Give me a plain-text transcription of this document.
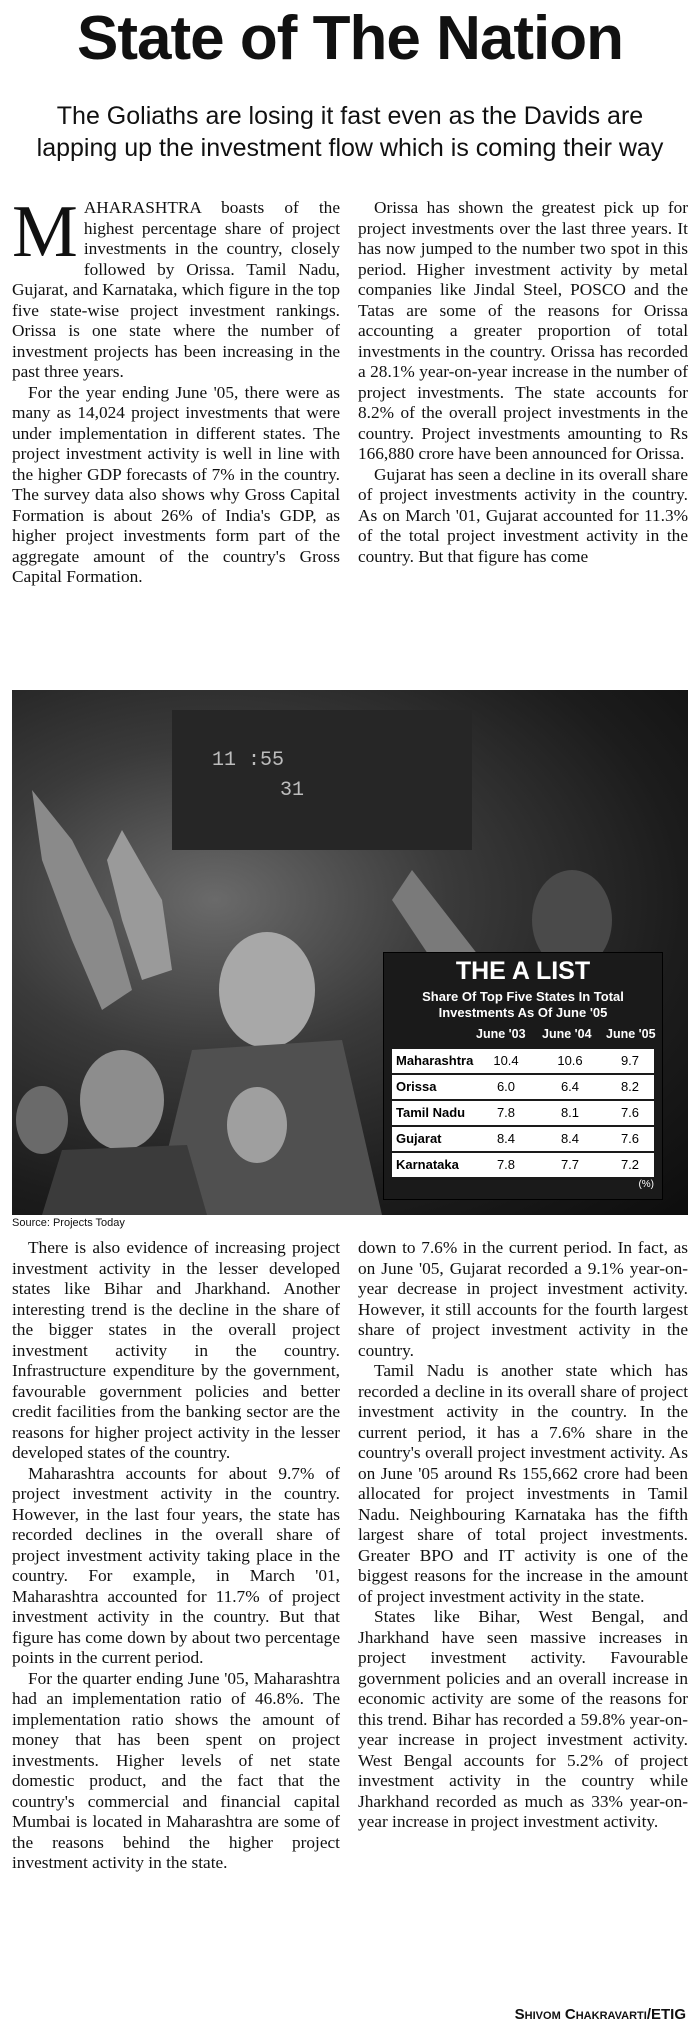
State of The Nation
The Goliaths are losing it fast even as the Davids are
lapping up the investment flow which is coming their way

MAHARASHTRA boasts of the highest percentage share of project investments in the country, closely followed by Orissa. Tamil Nadu, Gujarat, and Karnataka, which figure in the top five state-wise project investment rankings. Orissa is one state where the number of investment projects has been increasing in the past three years.

For the year ending June '05, there were as many as 14,024 project investments that were under implementation in different states. The project investment activity is well in line with the higher GDP forecasts of 7% in the country. The survey data also shows why Gross Capital Formation is about 26% of India's GDP, as higher project investments form part of the aggregate amount of the country's Gross Capital Formation.

Orissa has shown the greatest pick up for project investments over the last three years. It has now jumped to the number two spot in this period. Higher investment activity by metal companies like Jindal Steel, POSCO and the Tatas are some of the reasons for Orissa accounting a greater proportion of total investments in the country. Orissa has recorded a 28.1% year-on-year increase in the number of project investments. The state accounts for 8.2% of the overall project investments in the country. Project investments amounting to Rs 166,880 crore have been announced for Orissa.

Gujarat has seen a decline in its overall share of project investments activity in the country. As on March '01, Gujarat accounted for 11.3% of the total project investment activity in the country. But that figure has come

11 :55
31
Source: Projects Today
THE A LIST
Share Of Top Five States In Total
Investments As Of June '05
June '03 June '04 June '05
Maharashtra	10.4	10.6	9.7
Orissa	6.0	6.4	8.2
Tamil Nadu	7.8	8.1	7.6
Gujarat	8.4	8.4	7.6
Karnataka	7.8	7.7	7.2
(%)

There is also evidence of increasing project investment activity in the lesser developed states like Bihar and Jharkhand. Another interesting trend is the decline in the share of the bigger states in the overall project investment activity in the country. Infrastructure expenditure by the government, favourable government policies and better credit facilities from the banking sector are the reasons for higher project activity in the lesser developed states of the country.

Maharashtra accounts for about 9.7% of project investment activity in the country. However, in the last four years, the state has recorded declines in the overall share of project investment activity taking place in the country. For example, in March '01, Maharashtra accounted for 11.7% of project investment activity in the country. But that figure has come down by about two percentage points in the current period.

For the quarter ending June '05, Maharashtra had an implementation ratio of 46.8%. The implementation ratio shows the amount of money that has been spent on project investments. Higher levels of net state domestic product, and the fact that the country's commercial and financial capital Mumbai is located in Maharashtra are some of the reasons behind the higher project investment activity in the state.

down to 7.6% in the current period. In fact, as on June '05, Gujarat recorded a 9.1% year-on-year decrease in project investment activity. However, it still accounts for the fourth largest share of project investment activity in the country.

Tamil Nadu is another state which has recorded a decline in its overall share of project investment activity in the country. In the current period, it has a 7.6% share in the country's overall project investment activity. As on June '05 around Rs 155,662 crore had been allocated for project investments in Tamil Nadu. Neighbouring Karnataka has the fifth largest share of total project investments. Greater BPO and IT activity is one of the biggest reasons for the increase in the amount of project investment activity in the state.

States like Bihar, West Bengal, and Jharkhand have seen massive increases in project investment activity. Favourable government policies and an overall increase in economic activity are some of the reasons for this trend. Bihar has recorded a 59.8% year-on-year increase in project investment activity. West Bengal accounts for 5.2% of project investment activity in the country while Jharkhand recorded as much as 33% year-on-year increase in project investment activity.

Shivom Chakravarti/ETIG
